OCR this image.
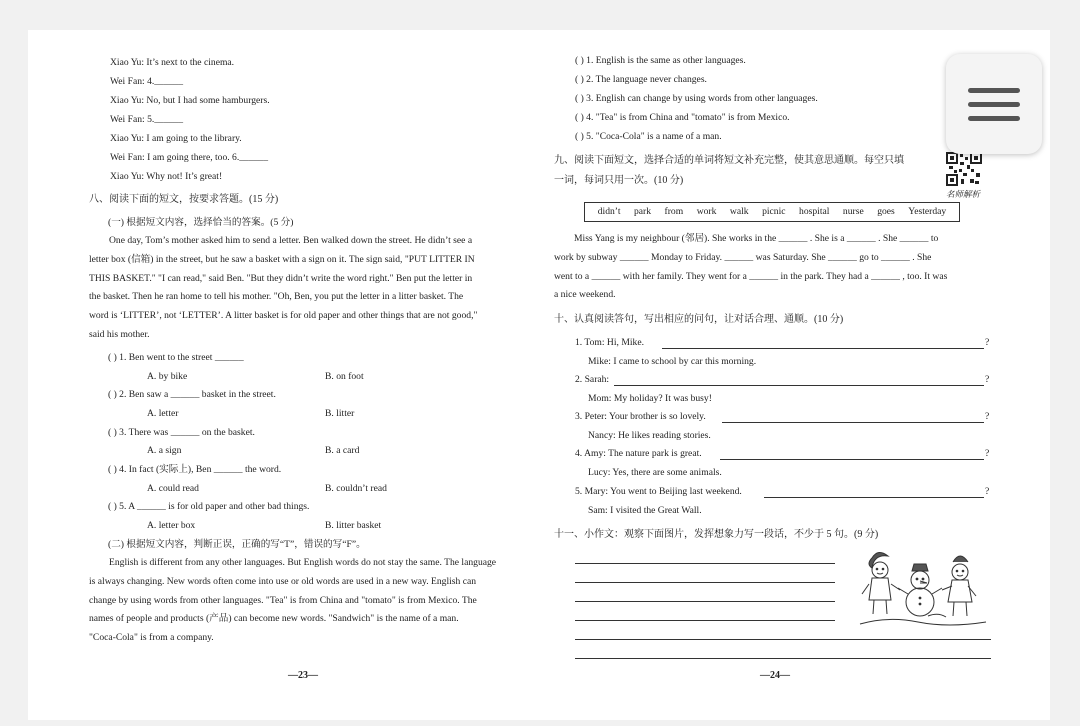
Xiao Yu: It’s next to the cinema.
Wei Fan: 4.______
Xiao Yu: No, but I had some hamburgers.
Wei Fan: 5.______
Xiao Yu: I am going to the library.
Wei Fan: I am going there, too. 6.______
Xiao Yu: Why not! It’s great!
八、阅读下面的短文，按要求答题。(15 分)
(一) 根据短文内容，选择恰当的答案。(5 分)
One day, Tom’s mother asked him to send a letter. Ben walked down the street. He didn’t see a
letter box (信箱) in the street, but he saw a basket with a sign on it. The sign said, "PUT LITTER IN
THIS BASKET." "I can read," said Ben. "But they didn’t write the word right." Ben put the letter in
the basket. Then he ran home to tell his mother. "Oh, Ben, you put the letter in a litter basket. The
word is ‘LITTER’, not ‘LETTER’. A litter basket is for old paper and other things that are not good,"
said his mother.
( ) 1. Ben went to the street ______
A. by bike	B. on foot
( ) 2. Ben saw a ______ basket in the street.
A. letter	B. litter
( ) 3. There was ______ on the basket.
A. a sign	B. a card
( ) 4. In fact (实际上), Ben ______ the word.
A. could read	B. couldn’t read
( ) 5. A ______ is for old paper and other bad things.
A. letter box	B. litter basket
(二) 根据短文内容，判断正误，正确的写“T”，错误的写“F”。
English is different from any other languages. But English words do not stay the same. The language
is always changing. New words often come into use or old words are used in a new way. English can
change by using words from other languages. "Tea" is from China and "tomato" is from Mexico. The
names of people and products (产品) can become new words. "Sandwich" is the name of a man.
"Coca-Cola" is from a company.
—23—
( ) 1. English is the same as other languages.
( ) 2. The language never changes.
( ) 3. English can change by using words from other languages.
( ) 4. "Tea" is from China and "tomato" is from Mexico.
( ) 5. "Coca-Cola" is a name of a man.
九、阅读下面短文，选择合适的单词将短文补充完整，使其意思通顺。每空只填
一词，每词只用一次。(10 分)
名师解析
didn’t park from work walk picnic hospital nurse goes Yesterday
Miss Yang is my neighbour (邻居). She works in the ______ . She is a ______ . She ______ to
work by subway ______ Monday to Friday. ______ was Saturday. She ______ go to ______ . She
went to a ______ with her family. They went for a ______ in the park. They had a ______ , too. It was
a nice weekend.
十、认真阅读答句，写出相应的问句，让对话合理、通顺。(10 分)
1. Tom: Hi, Mike.	?
Mike: I came to school by car this morning.
2. Sarah:	?
Mom: My holiday? It was busy!
3. Peter: Your brother is so lovely.	?
Nancy: He likes reading stories.
4. Amy: The nature park is great.	?
Lucy: Yes, there are some animals.
5. Mary: You went to Beijing last weekend.	?
Sam: I visited the Great Wall.
十一、小作文：观察下面图片，发挥想象力写一段话，不少于 5 句。(9 分)
—24—
